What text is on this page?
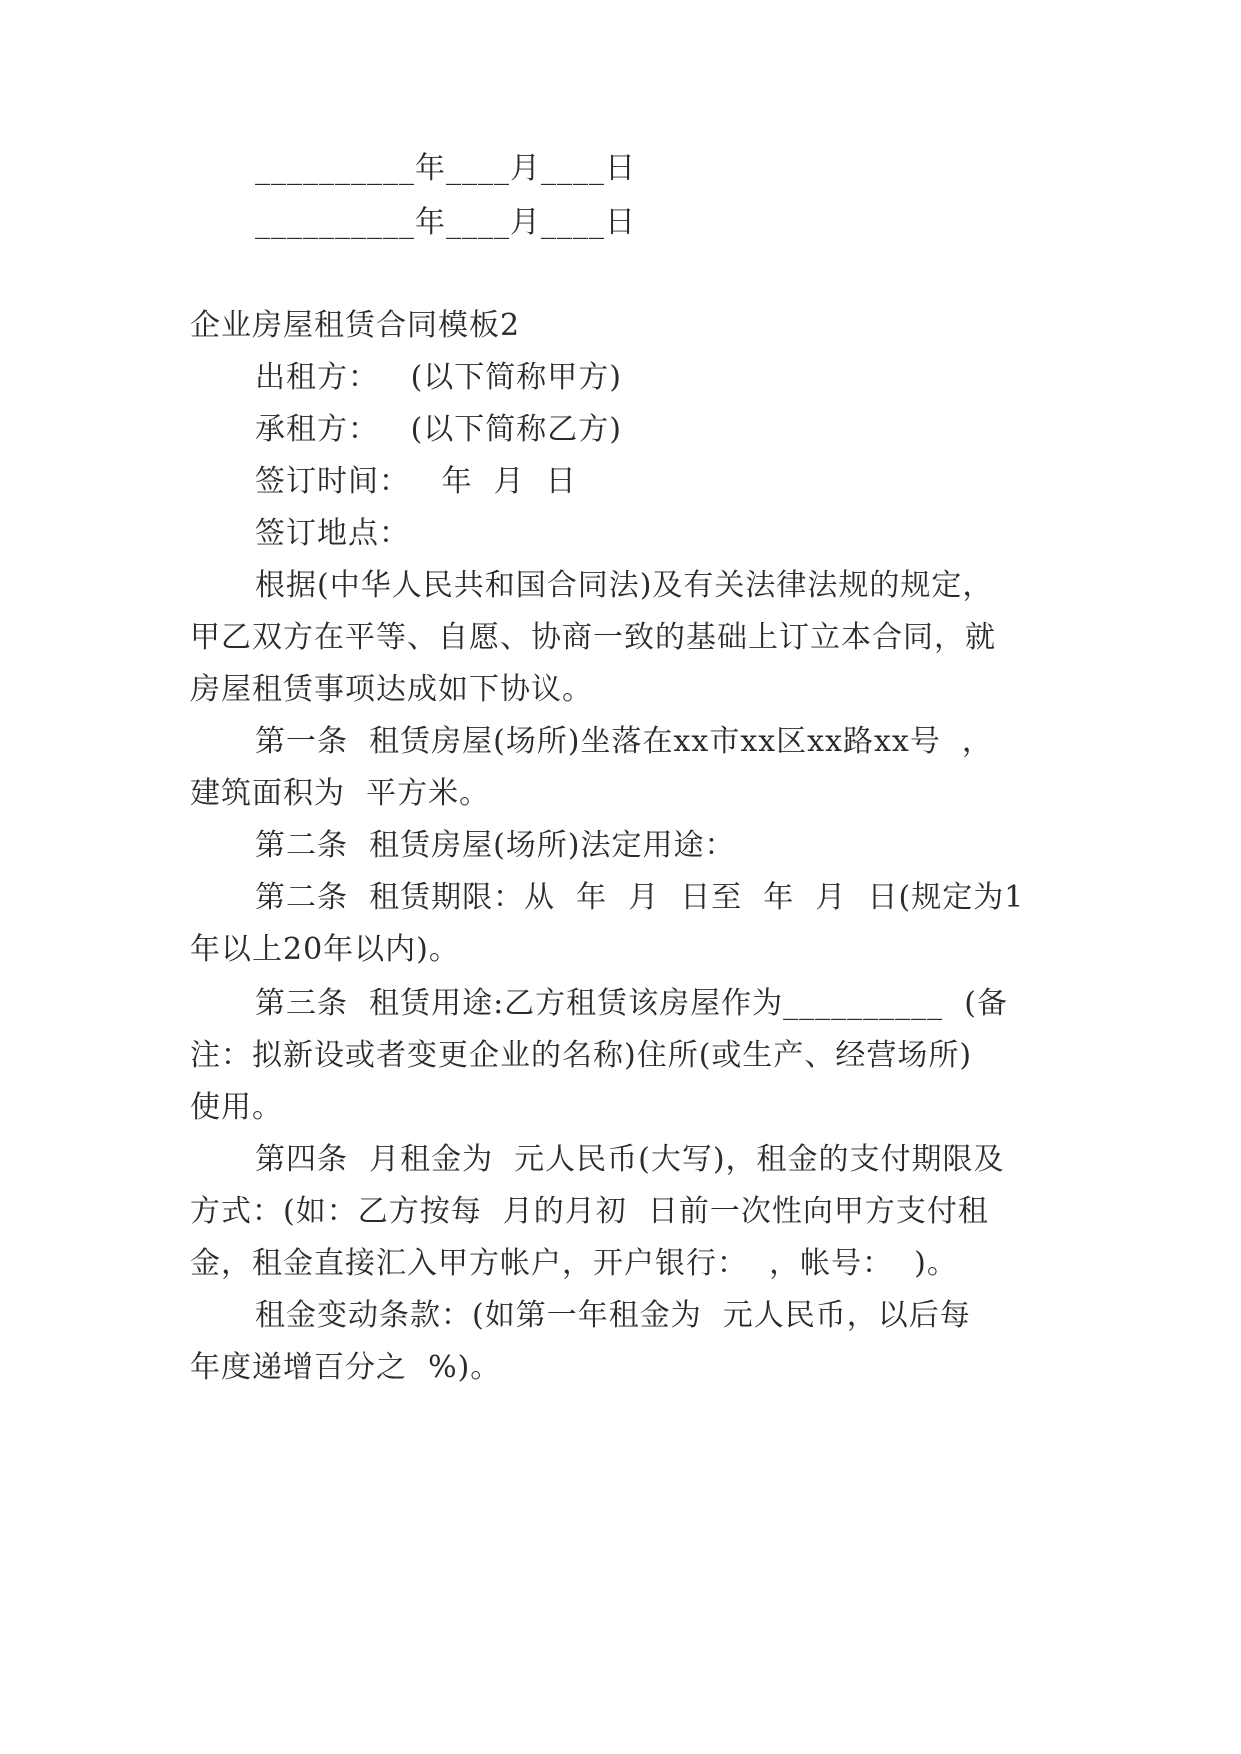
__________年____月____日
__________年____月____日
企业房屋租赁合同模板2
出租方：   (以下简称甲方)
承租方：   (以下简称乙方)
签订时间：   年  月  日
签订地点：
根据(中华人民共和国合同法)及有关法律法规的规定，
甲乙双方在平等、自愿、协商一致的基础上订立本合同，就
房屋租赁事项达成如下协议。
第一条  租赁房屋(场所)坐落在xx市xx区xx路xx号  ，
建筑面积为  平方米。
第二条  租赁房屋(场所)法定用途：
第二条  租赁期限：从  年  月  日至  年  月  日(规定为1
年以上20年以内)。
第三条  租赁用途:乙方租赁该房屋作为__________  (备
注：拟新设或者变更企业的名称)住所(或生产、经营场所)
使用。
第四条  月租金为  元人民币(大写)，租金的支付期限及
方式：(如：乙方按每  月的月初  日前一次性向甲方支付租
金，租金直接汇入甲方帐户，开户银行：  ，帐号：  )。
租金变动条款：(如第一年租金为  元人民币，以后每
年度递增百分之  %)。
